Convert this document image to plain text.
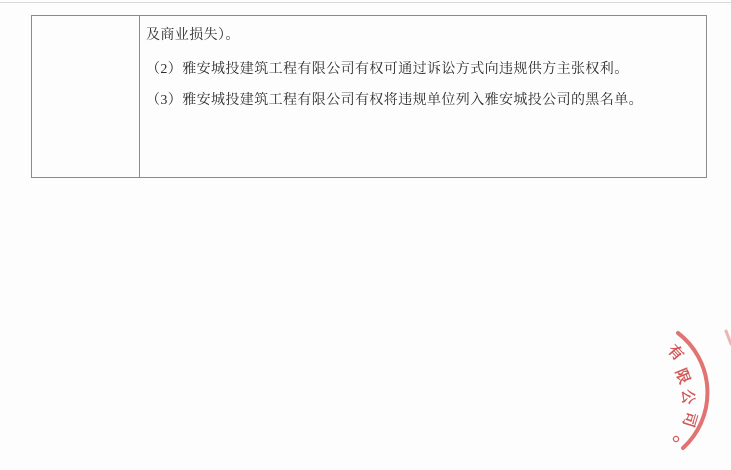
及商业损失）。
（2）雅安城投建筑工程有限公司有权可通过诉讼方式向违规供方主张权利。
（3）雅安城投建筑工程有限公司有权将违规单位列入雅安城投公司的黑名单。
有
限
公
司
